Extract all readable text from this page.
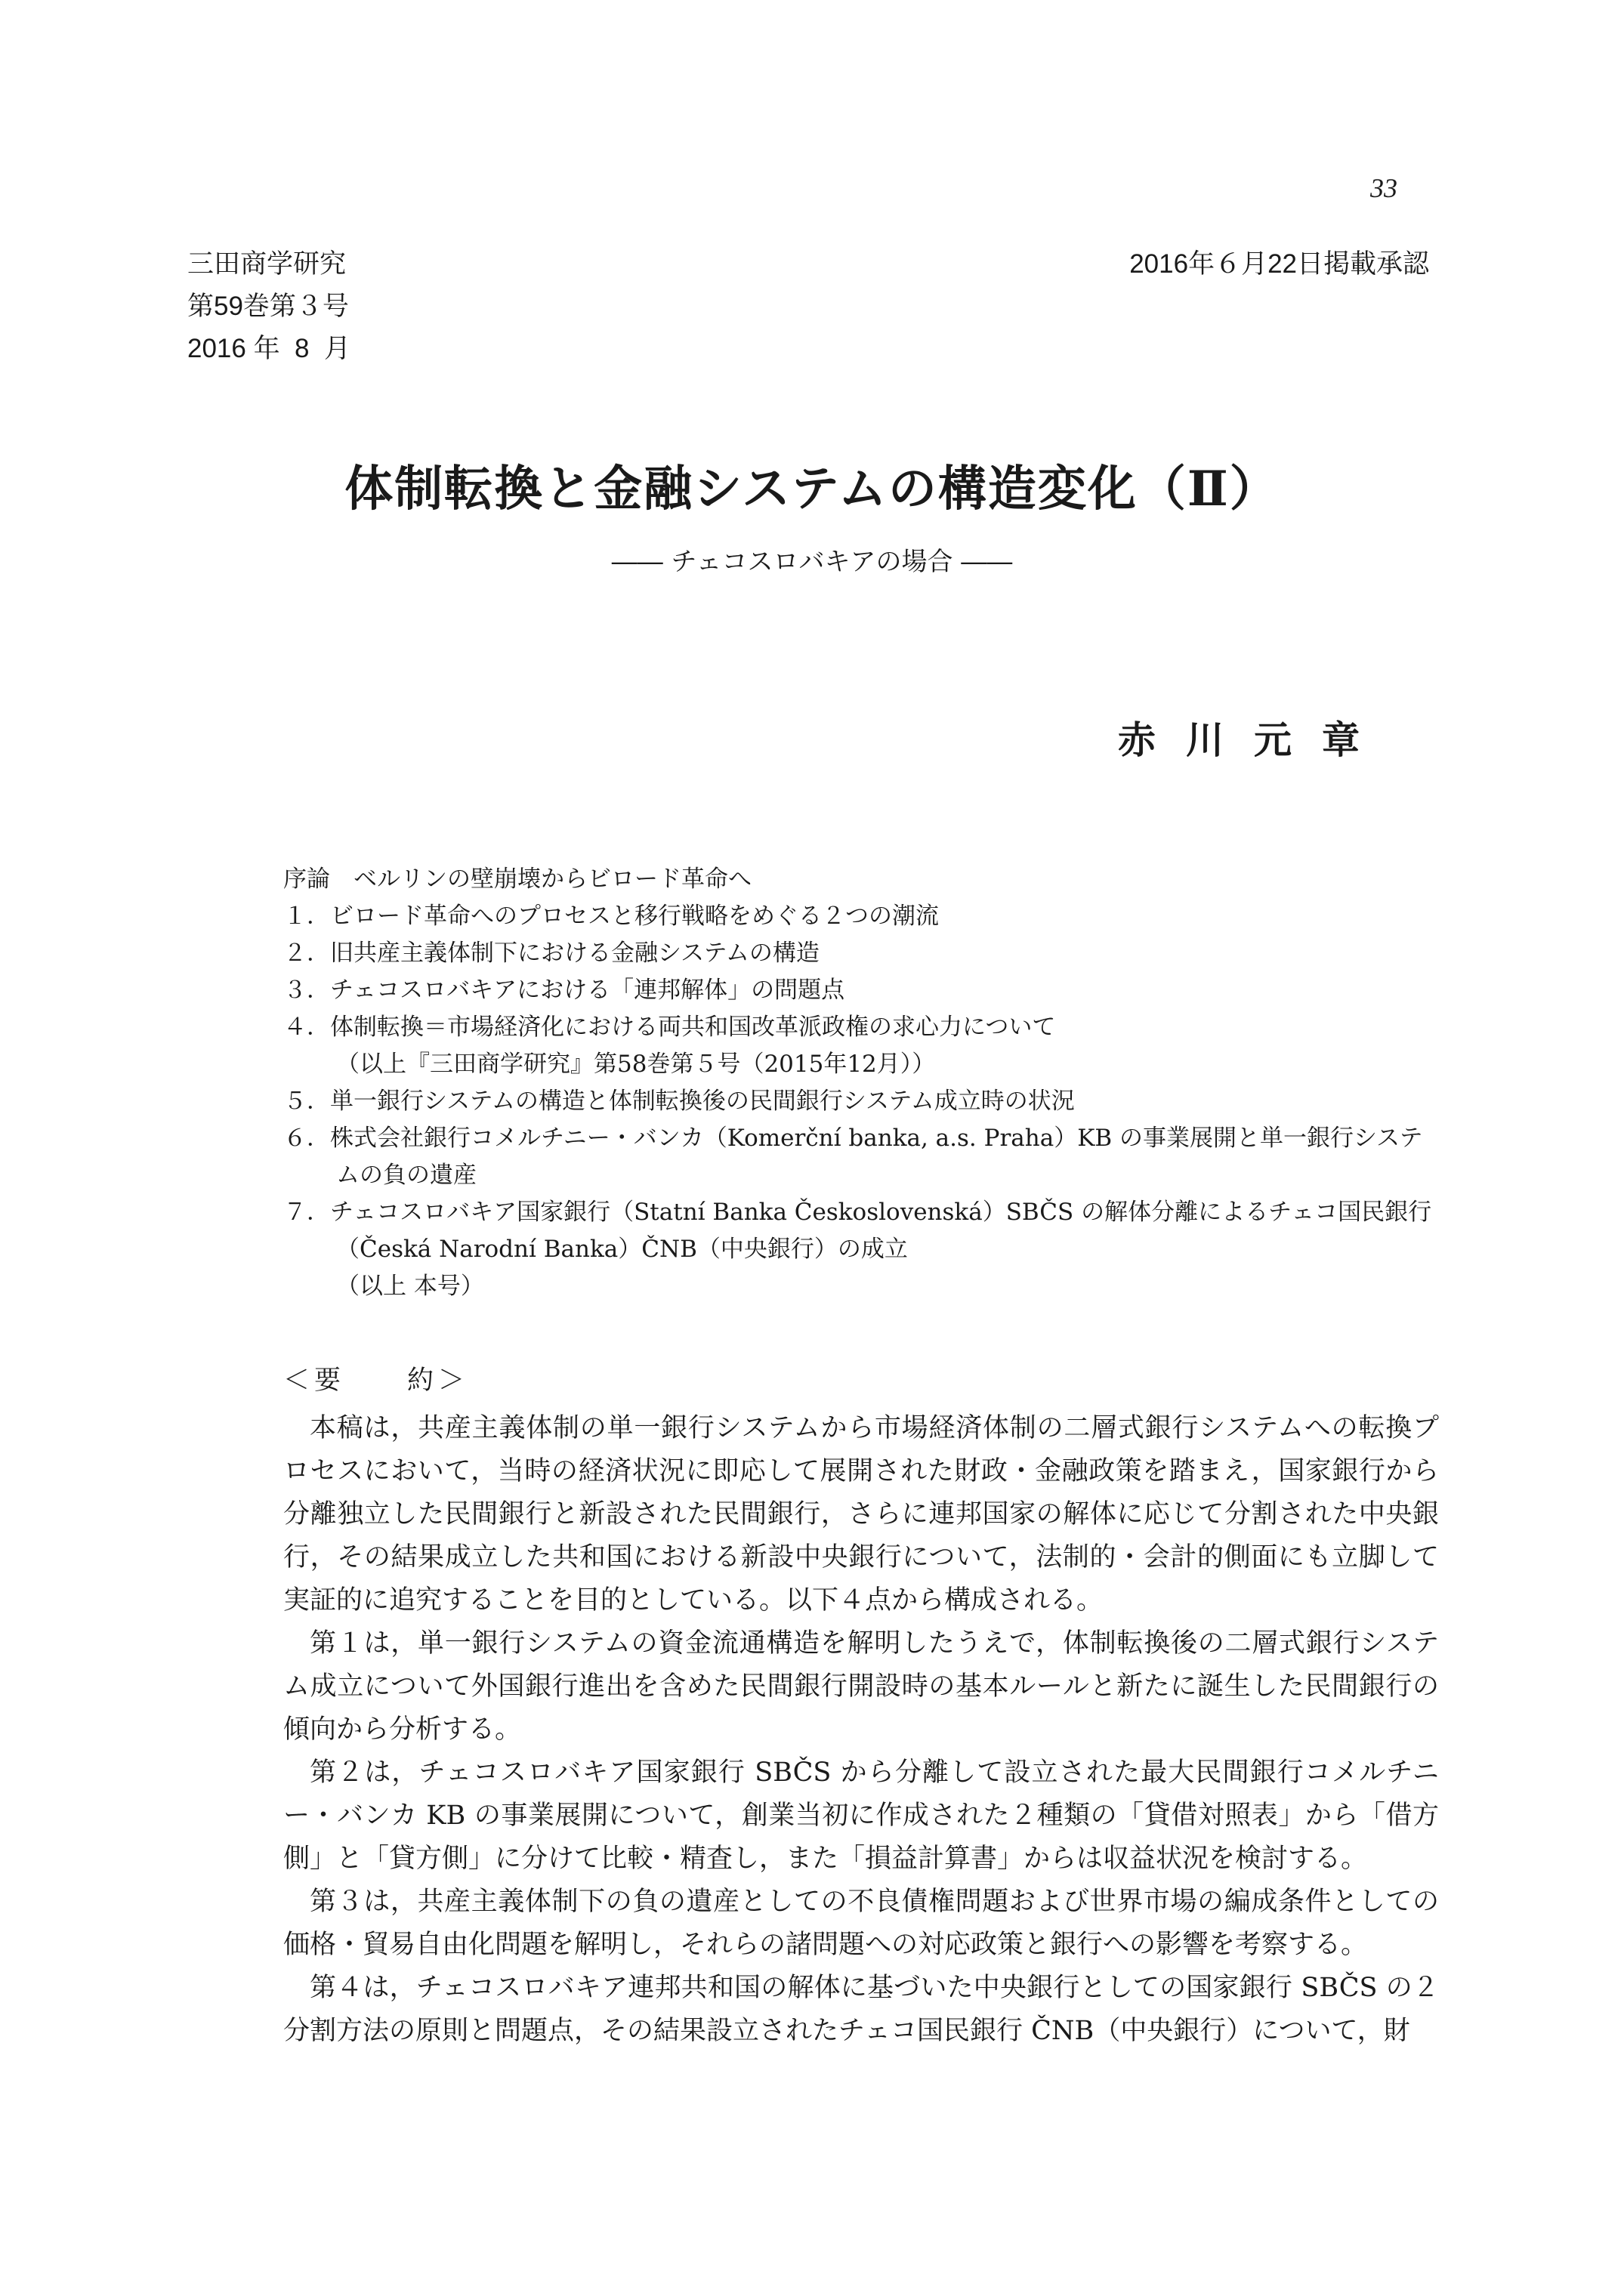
33
三田商学研究
第59巻第３号
2016 年  8  月
2016年６月22日掲載承認
体制転換と金融システムの構造変化（Ⅱ）
―― チェコスロバキアの場合 ――
赤川元章
序論　ベルリンの壁崩壊からビロード革命へ
１．ビロード革命へのプロセスと移行戦略をめぐる２つの潮流
２．旧共産主義体制下における金融システムの構造
３．チェコスロバキアにおける「連邦解体」の問題点
４．体制転換＝市場経済化における両共和国改革派政権の求心力について
（以上『三田商学研究』第58巻第５号（2015年12月））
５．単一銀行システムの構造と体制転換後の民間銀行システム成立時の状況
６．株式会社銀行コメルチニー・バンカ（Komerční banka, a.s. Praha）KB の事業展開と単一銀行システ
ムの負の遺産
７．チェコスロバキア国家銀行（Statní Banka Československá）SBČS の解体分離によるチェコ国民銀行
（Česká Narodní Banka）ČNB（中央銀行）の成立
（以上 本号）
＜要　　約＞

本稿は，共産主義体制の単一銀行システムから市場経済体制の二層式銀行システムへの転換プロセスにおいて，当時の経済状況に即応して展開された財政・金融政策を踏まえ，国家銀行から分離独立した民間銀行と新設された民間銀行，さらに連邦国家の解体に応じて分割された中央銀行，その結果成立した共和国における新設中央銀行について，法制的・会計的側面にも立脚して実証的に追究することを目的としている。以下４点から構成される。

第１は，単一銀行システムの資金流通構造を解明したうえで，体制転換後の二層式銀行システム成立について外国銀行進出を含めた民間銀行開設時の基本ルールと新たに誕生した民間銀行の傾向から分析する。

第２は，チェコスロバキア国家銀行 SBČS から分離して設立された最大民間銀行コメルチニー・バンカ KB の事業展開について，創業当初に作成された２種類の「貸借対照表」から「借方側」と「貸方側」に分けて比較・精査し，また「損益計算書」からは収益状況を検討する。

第３は，共産主義体制下の負の遺産としての不良債権問題および世界市場の編成条件としての価格・貿易自由化問題を解明し，それらの諸問題への対応政策と銀行への影響を考察する。

第４は，チェコスロバキア連邦共和国の解体に基づいた中央銀行としての国家銀行 SBČS の２分割方法の原則と問題点，その結果設立されたチェコ国民銀行 ČNB（中央銀行）について，財
